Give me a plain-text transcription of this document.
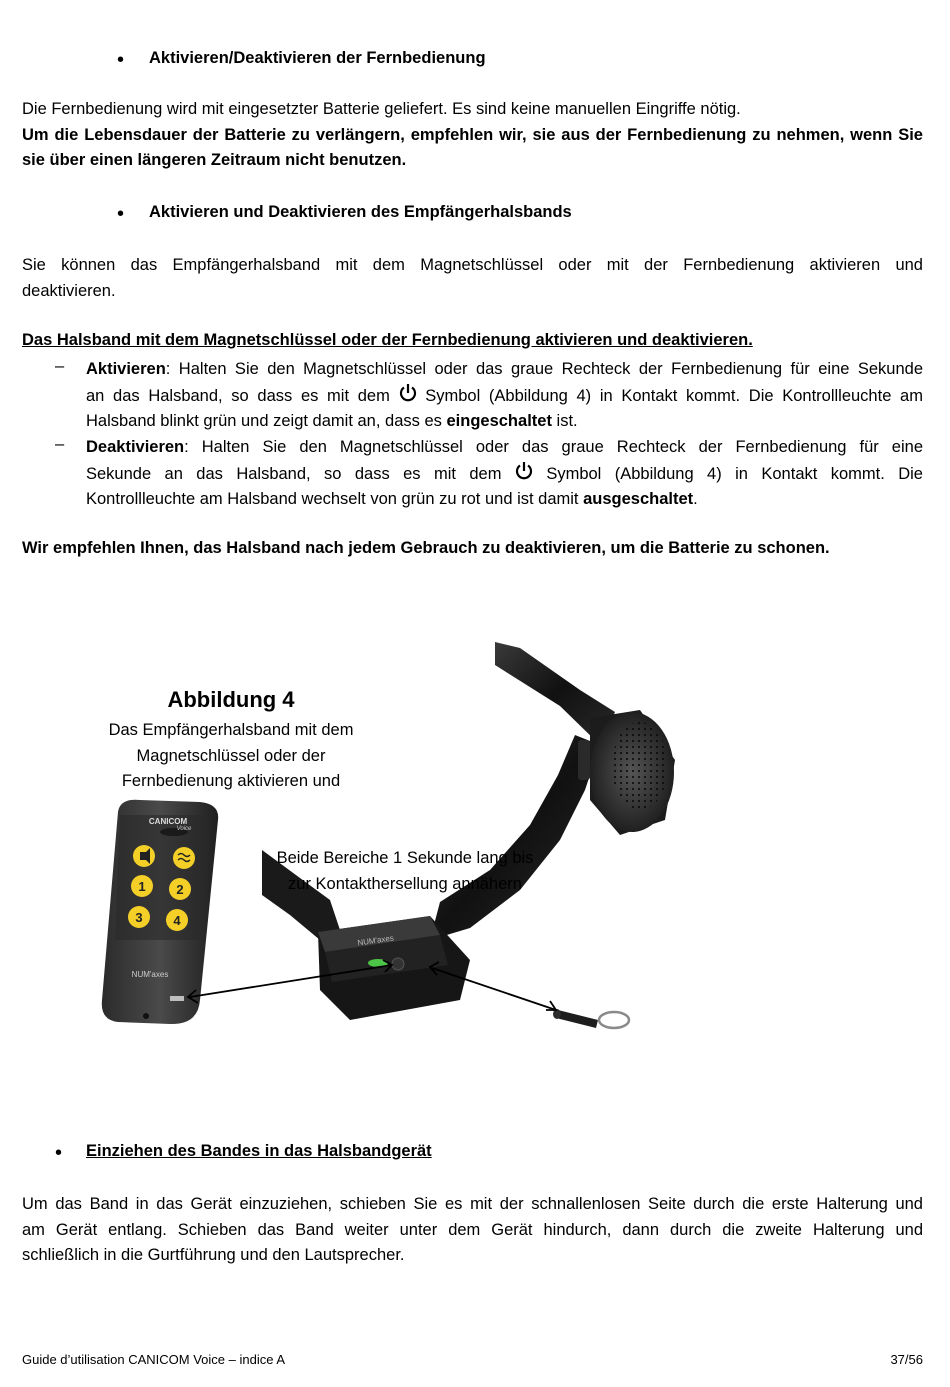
• Aktivieren/Deaktivieren der Fernbedienung
Die Fernbedienung wird mit eingesetzter Batterie geliefert. Es sind keine manuellen Eingriffe nötig.
Um die Lebensdauer der Batterie zu verlängern, empfehlen wir, sie aus der Fernbedienung zu nehmen, wenn Sie
sie über einen längeren Zeitraum nicht benutzen.
• Aktivieren und Deaktivieren des Empfängerhalsbands
Sie können das Empfängerhalsband mit dem Magnetschlüssel oder mit der Fernbedienung aktivieren und
deaktivieren.
Das Halsband mit dem Magnetschlüssel oder der Fernbedienung aktivieren und deaktivieren.
– Aktivieren: Halten Sie den Magnetschlüssel oder das graue Rechteck der Fernbedienung für eine Sekunde
an das Halsband, so dass es mit dem Symbol (Abbildung 4) in Kontakt kommt. Die Kontrollleuchte am
Halsband blinkt grün und zeigt damit an, dass es eingeschaltet ist.
– Deaktivieren: Halten Sie den Magnetschlüssel oder das graue Rechteck der Fernbedienung für eine
Sekunde an das Halsband, so dass es mit dem	Symbol (Abbildung 4) in Kontakt kommt. Die
Kontrollleuchte am Halsband wechselt von grün zu rot und ist damit ausgeschaltet.
Wir empfehlen Ihnen, das Halsband nach jedem Gebrauch zu deaktivieren, um die Batterie zu schonen.
Abbildung 4
Das Empfängerhalsband mit dem
Magnetschlüssel oder der
Fernbedienung aktivieren und
1 2
3 4
CANICOM
Voice
NUM'axes
NUM'axes
Beide Bereiche 1 Sekunde lang bis
zur Kontakthersellung annähern
• Einziehen des Bandes in das Halsbandgerät
Um das Band in das Gerät einzuziehen, schieben Sie es mit der schnallenlosen Seite durch die erste Halterung und
am Gerät entlang. Schieben das Band weiter unter dem Gerät hindurch, dann durch die zweite Halterung und
schließlich in die Gurtführung und den Lautsprecher.
Guide d’utilisation CANICOM Voice – indice A	37/56
